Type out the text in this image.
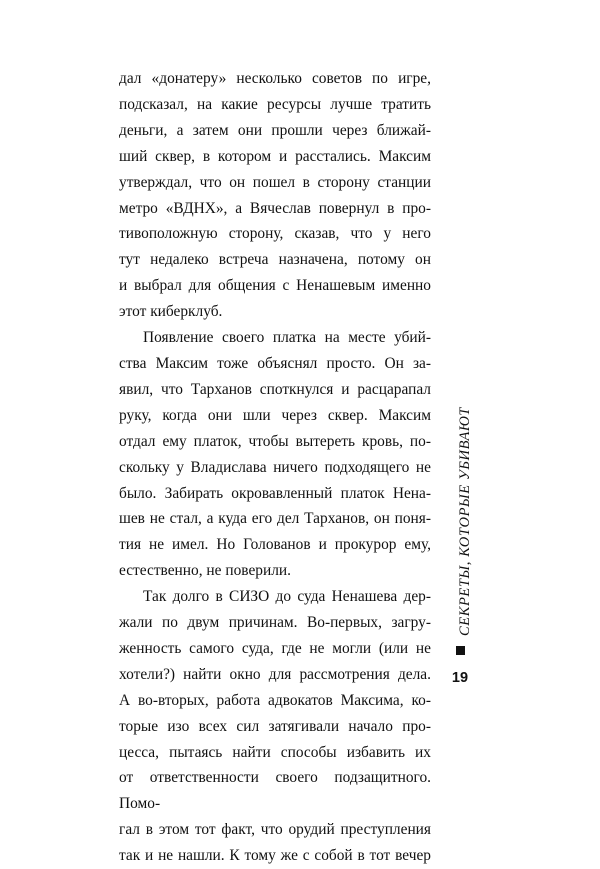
дал «донатеру» несколько советов по игре,
подсказал, на какие ресурсы лучше тратить
деньги, а затем они прошли через ближай-
ший сквер, в котором и расстались. Максим
утверждал, что он пошел в сторону станции
метро «ВДНХ», а Вячеслав повернул в про-
тивоположную сторону, сказав, что у него
тут недалеко встреча назначена, потому он
и выбрал для общения с Ненашевым именно
этот киберклуб.
Появление своего платка на месте убий-
ства Максим тоже объяснял просто. Он за-
явил, что Тарханов споткнулся и расцарапал
руку, когда они шли через сквер. Максим
отдал ему платок, чтобы вытереть кровь, по-
скольку у Владислава ничего подходящего не
было. Забирать окровавленный платок Нена-
шев не стал, а куда его дел Тарханов, он поня-
тия не имел. Но Голованов и прокурор ему,
естественно, не поверили.
Так долго в СИЗО до суда Ненашева дер-
жали по двум причинам. Во-первых, загру-
женность самого суда, где не могли (или не
хотели?) найти окно для рассмотрения дела.
А во-вторых, работа адвокатов Максима, ко-
торые изо всех сил затягивали начало про-
цесса, пытаясь найти способы избавить их
от ответственности своего подзащитного. Помо-
гал в этом тот факт, что орудий преступления
так и не нашли. К тому же с собой в тот вечер
СЕКРЕТЫ, КОТОРЫЕ УБИВАЮТ
19
